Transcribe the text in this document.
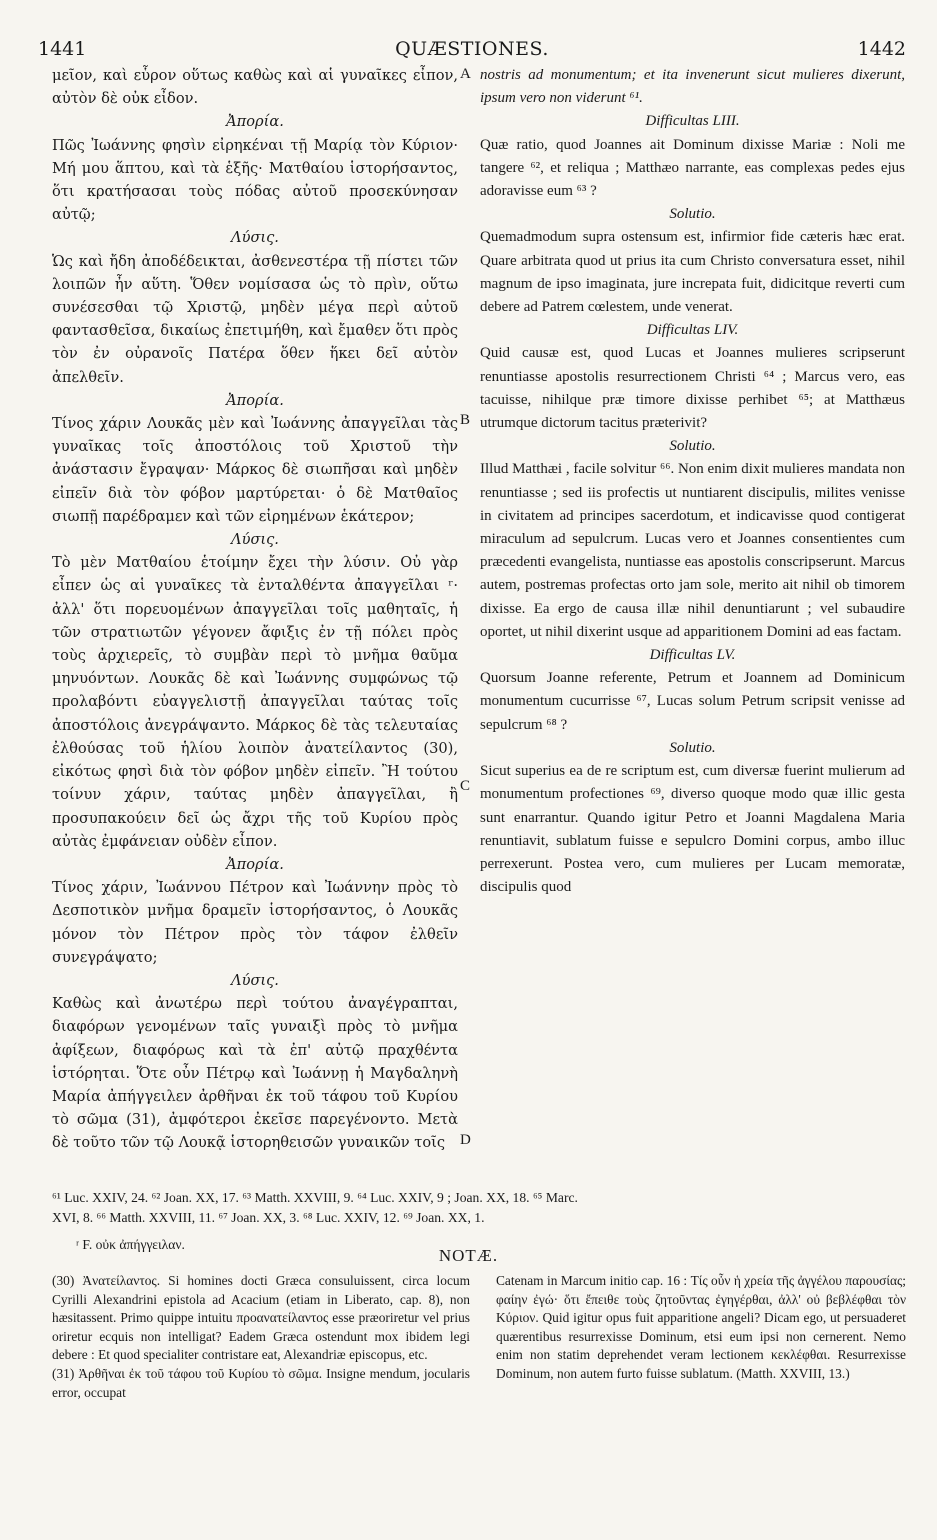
1441	QUÆSTIONES.	1442

μεῖον, καὶ εὗρον οὕτως καθὼς καὶ αἱ γυναῖκες εἶπον, αὐτὸν δὲ οὐκ εἶδον.

Ἀπορία.

Πῶς Ἰωάννης φησὶν εἰρηκέναι τῇ Μαρίᾳ τὸν Κύριον· Μή μου ἅπτου, καὶ τὰ ἑξῆς· Ματθαίου ἱστορήσαντος, ὅτι κρατήσασαι τοὺς πόδας αὐτοῦ προσεκύνησαν αὐτῷ;

Λύσις.

Ὡς καὶ ἤδη ἀποδέδεικται, ἀσθενεστέρα τῇ πίστει τῶν λοιπῶν ἦν αὕτη. Ὅθεν νομίσασα ὡς τὸ πρὶν, οὕτω συνέσεσθαι τῷ Χριστῷ, μηδὲν μέγα περὶ αὐτοῦ φαντασθεῖσα, δικαίως ἐπετιμήθη, καὶ ἔμαθεν ὅτι πρὸς τὸν ἐν οὐρανοῖς Πατέρα ὅθεν ἥκει δεῖ αὐτὸν ἀπελθεῖν.

Ἀπορία.

Τίνος χάριν Λουκᾶς μὲν καὶ Ἰωάννης ἀπαγγεῖλαι τὰς γυναῖκας τοῖς ἀποστόλοις τοῦ Χριστοῦ τὴν ἀνάστασιν ἔγραψαν· Μάρκος δὲ σιωπῆσαι καὶ μηδὲν εἰπεῖν διὰ τὸν φόβον μαρτύρεται· ὁ δὲ Ματθαῖος σιωπῇ παρέδραμεν καὶ τῶν εἰρημένων ἑκάτερον;

Λύσις.

Τὸ μὲν Ματθαίου ἑτοίμην ἔχει τὴν λύσιν. Οὐ γὰρ εἶπεν ὡς αἱ γυναῖκες τὰ ἐνταλθέντα ἀπαγγεῖλαι ʳ· ἀλλ' ὅτι πορευομένων ἀπαγγεῖλαι τοῖς μαθηταῖς, ἡ τῶν στρατιωτῶν γέγονεν ἄφιξις ἐν τῇ πόλει πρὸς τοὺς ἀρχιερεῖς, τὸ συμβὰν περὶ τὸ μνῆμα θαῦμα μηνυόντων. Λουκᾶς δὲ καὶ Ἰωάννης συμφώνως τῷ προλαβόντι εὐαγγελιστῇ ἀπαγγεῖλαι ταύτας τοῖς ἀποστόλοις ἀνεγράψαντο. Μάρκος δὲ τὰς τελευταίας ἐλθούσας τοῦ ἡλίου λοιπὸν ἀνατείλαντος (30), εἰκότως φησὶ διὰ τὸν φόβον μηδὲν εἰπεῖν. Ἢ τούτου τοίνυν χάριν, ταύτας μηδὲν ἀπαγγεῖλαι, ἢ προσυπακούειν δεῖ ὡς ἄχρι τῆς τοῦ Κυρίου πρὸς αὐτὰς ἐμφάνειαν οὐδὲν εἶπον.

Ἀπορία.

Τίνος χάριν, Ἰωάννου Πέτρον καὶ Ἰωάννην πρὸς τὸ Δεσποτικὸν μνῆμα δραμεῖν ἱστορήσαντος, ὁ Λουκᾶς μόνον τὸν Πέτρον πρὸς τὸν τάφον ἐλθεῖν συνεγράψατο;

Λύσις.

Καθὼς καὶ ἀνωτέρω περὶ τούτου ἀναγέγραπται, διαφόρων γενομένων ταῖς γυναιξὶ πρὸς τὸ μνῆμα ἀφίξεων, διαφόρως καὶ τὰ ἐπ' αὐτῷ πραχθέντα ἱστόρηται. Ὅτε οὖν Πέτρῳ καὶ Ἰωάννῃ ἡ Μαγδαληνὴ Μαρία ἀπήγγειλεν ἀρθῆναι ἐκ τοῦ τάφου τοῦ Κυρίου τὸ σῶμα (31), ἀμφότεροι ἐκεῖσε παρεγένοντο. Μετὰ δὲ τοῦτο τῶν τῷ Λουκᾷ ἱστορηθεισῶν γυναικῶν τοῖς

nostris ad monumentum; et ita invenerunt sicut mulieres dixerunt, ipsum vero non viderunt ⁶¹.

Difficultas LIII.

Quæ ratio, quod Joannes ait Dominum dixisse Mariæ : Noli me tangere ⁶², et reliqua ; Matthæo narrante, eas complexas pedes ejus adoravisse eum ⁶³ ?

Solutio.

Quemadmodum supra ostensum est, infirmior fide cæteris hæc erat. Quare arbitrata quod ut prius ita cum Christo conversatura esset, nihil magnum de ipso imaginata, jure increpata fuit, didicitque reverti cum debere ad Patrem cœlestem, unde venerat.

Difficultas LIV.

Quid causæ est, quod Lucas et Joannes mulieres scripserunt renuntiasse apostolis resurrectionem Christi ⁶⁴ ; Marcus vero, eas tacuisse, nihilque præ timore dixisse perhibet ⁶⁵; at Matthæus utrumque dictorum tacitus præterivit?

Solutio.

Illud Matthæi , facile solvitur ⁶⁶. Non enim dixit mulieres mandata non renuntiasse ; sed iis profectis ut nuntiarent discipulis, milites venisse in civitatem ad principes sacerdotum, et indicavisse quod contigerat miraculum ad sepulcrum. Lucas vero et Joannes consentientes cum præcedenti evangelista, nuntiasse eas apostolis conscripserunt. Marcus autem, postremas profectas orto jam sole, merito ait nihil ob timorem dixisse. Ea ergo de causa illæ nihil denuntiarunt ; vel subaudire oportet, ut nihil dixerint usque ad apparitionem Domini ad eas factam.

Difficultas LV.

Quorsum Joanne referente, Petrum et Joannem ad Dominicum monumentum cucurrisse ⁶⁷, Lucas solum Petrum scripsit venisse ad sepulcrum ⁶⁸ ?

Solutio.

Sicut superius ea de re scriptum est, cum diversæ fuerint mulierum ad monumentum profectiones ⁶⁹, diverso quoque modo quæ illic gesta sunt enarrantur. Quando igitur Petro et Joanni Magdalena Maria renuntiavit, sublatum fuisse e sepulcro Domini corpus, ambo illuc perrexerunt. Postea vero, cum mulieres per Lucam memoratæ, discipulis quod

A
B
C
D

⁶¹ Luc. XXIV, 24. ⁶² Joan. XX, 17. ⁶³ Matth. XXVIII, 9. ⁶⁴ Luc. XXIV, 9 ; Joan. XX, 18. ⁶⁵ Marc.

XVI, 8. ⁶⁶ Matth. XXVIII, 11. ⁶⁷ Joan. XX, 3. ⁶⁸ Luc. XXIV, 12. ⁶⁹ Joan. XX, 1.

ʳ F. οὐκ ἀπήγγειλαν.
NOTÆ.

(30) Ἀνατείλαντος. Si homines docti Græca consuluissent, circa locum Cyrilli Alexandrini epistola ad Acacium (etiam in Liberato, cap. 8), non hæsitassent. Primo quippe intuitu προανατείλαντος esse præoriretur vel prius oriretur ecquis non intelligat? Eadem Græca ostendunt mox ibidem legi debere : Et quod specialiter contristare eat, Alexandriæ episcopus, etc.

(31) Ἀρθῆναι ἐκ τοῦ τάφου τοῦ Κυρίου τὸ σῶμα. Insigne mendum, jocularis error, occupat

Catenam in Marcum initio cap. 16 : Τίς οὖν ἡ χρεία τῆς ἀγγέλου παρουσίας; φαίην ἐγώ· ὅτι ἔπειθε τοὺς ζητοῦντας ἐγηγέρθαι, ἀλλ' οὐ βεβλέφθαι τὸν Κύριον. Quid igitur opus fuit apparitione angeli? Dicam ego, ut persuaderet quærentibus resurrexisse Dominum, etsi eum ipsi non cernerent. Nemo enim non statim deprehendet veram lectionem κεκλέφθαι. Resurrexisse Dominum, non autem furto fuisse sublatum. (Matth. XXVIII, 13.)
